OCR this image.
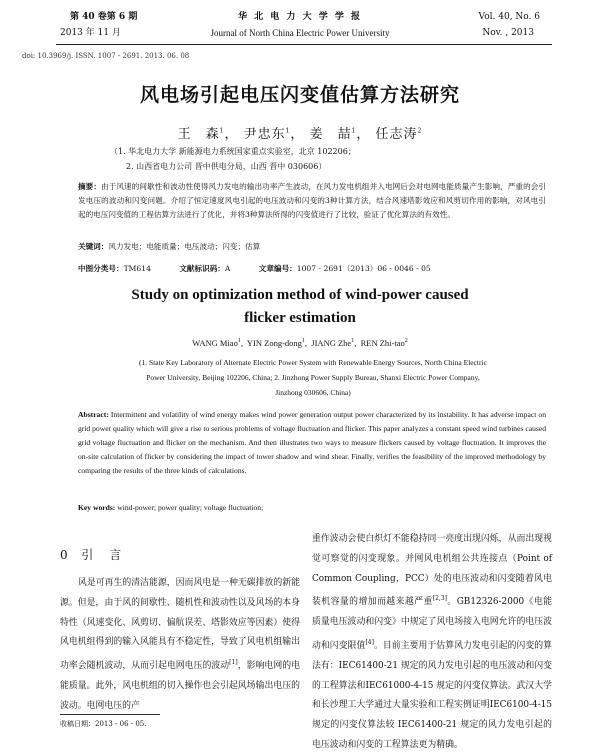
第 40 卷第 6 期
2013 年 11 月
华 北 电 力 大 学 学 报
Journal of North China Electric Power University
Vol. 40, No. 6
Nov. , 2013
doi: 10.3969/j. ISSN. 1007 - 2691. 2013. 06. 08
风电场引起电压闪变值估算方法研究
王　森$^1$， 尹忠东$^1$， 姜　喆$^1$， 任志涛$^2$
（1. 华北电力大学 新能源电力系统国家重点实验室，北京 102206；
2. 山西省电力公司 晋中供电分局，山西 晋中 030606）
摘要：由于风速的间歇性和波动性使得风力发电的输出功率产生波动，在风力发电机组并入电网后会对电网电能质量产生影响，严重的会引发电压的波动和闪变问题。介绍了恒定速度风电引起的电压波动和闪变的3种计算方法，结合风速塔影效应和风剪切作用的影响，对风电引起的电压闪变值的工程估算方法进行了优化，并将3种算法所得的闪变值进行了比较，验证了优化算法的有效性。
关键词：风力发电；电能质量；电压波动；闪变；估算
中图分类号：TM614	文献标识码：A	文章编号：1007 - 2691（2013）06 - 0046 - 05
Study on optimization method of wind-power caused
flicker estimation
WANG Miao$^1$,  YIN Zong-dong$^1$,  JIANG Zhe$^1$,  REN Zhi-tao$^2$
(1. State Key Laboratory of Alternate Electric Power System with Renewable Energy Sources, North China Electric
Power University, Beijing 102206, China; 2. Jinzhong Power Supply Bureau, Shanxi Electric Power Company,
Jinzhong 030606, China)
Abstract: Intermittent and volatility of wind energy makes wind power generation output power characterized by its instability. It has adverse impact on grid power quality which will give a rise to serious problems of voltage fluctuation and flicker. This paper analyzes a constant speed wind turbines caused grid voltage fluctuation and flicker on the mechanism. And then illustrates two ways to measure flickers caused by voltage fluctuation. It improves the on-site calculation of flicker by considering the impact of tower shadow and wind shear. Finally, verifies the feasibility of the improved methodology by comparing the results of the three kinds of calculations.
Key words: wind-power; power quality; voltage fluctuation;
0 引　言
风是可再生的清洁能源，因而风电是一种无碳排放的新能源。但是，由于风的间歇性、随机性和波动性以及风场的本身特性（风速变化、风剪切、偏航误差、塔影效应等因素）使得风电机组得到的输入风能具有不稳定性，导致了风电机组输出功率会随机波动，从而引起电网电压的波动[1]，影响电网的电能质量。此外，风电机组的切入操作也会引起风场输出电压的波动。电网电压的产
收稿日期：2013 - 06 - 05.
重作波动会使白炽灯不能稳持同一亮度出现闪烁，从而出现视觉可察觉的闪变现象。并网风电机组公共连接点（Point of Common Coupling，PCC）处的电压波动和闪变随着风电装机容量的增加而越来越严重[2,3]。GB12326-2000《电能质量电压波动和闪变》中规定了风电场接入电网允许的电压波动和闪变限值[4]。目前主要用于估算风力发电引起的闪变的算法有：IEC61400-21 规定的风力发电引起的电压波动和闪变的工程算法和IEC61000-4-15 规定的闪变仪算法。武汉大学和长沙理工大学通过大量实验和工程实例证明IEC6100-4-15 规定的闪变仪算法较 IEC61400-21 规定的风力发电引起的电压波动和闪变的工程算法更为精确。
